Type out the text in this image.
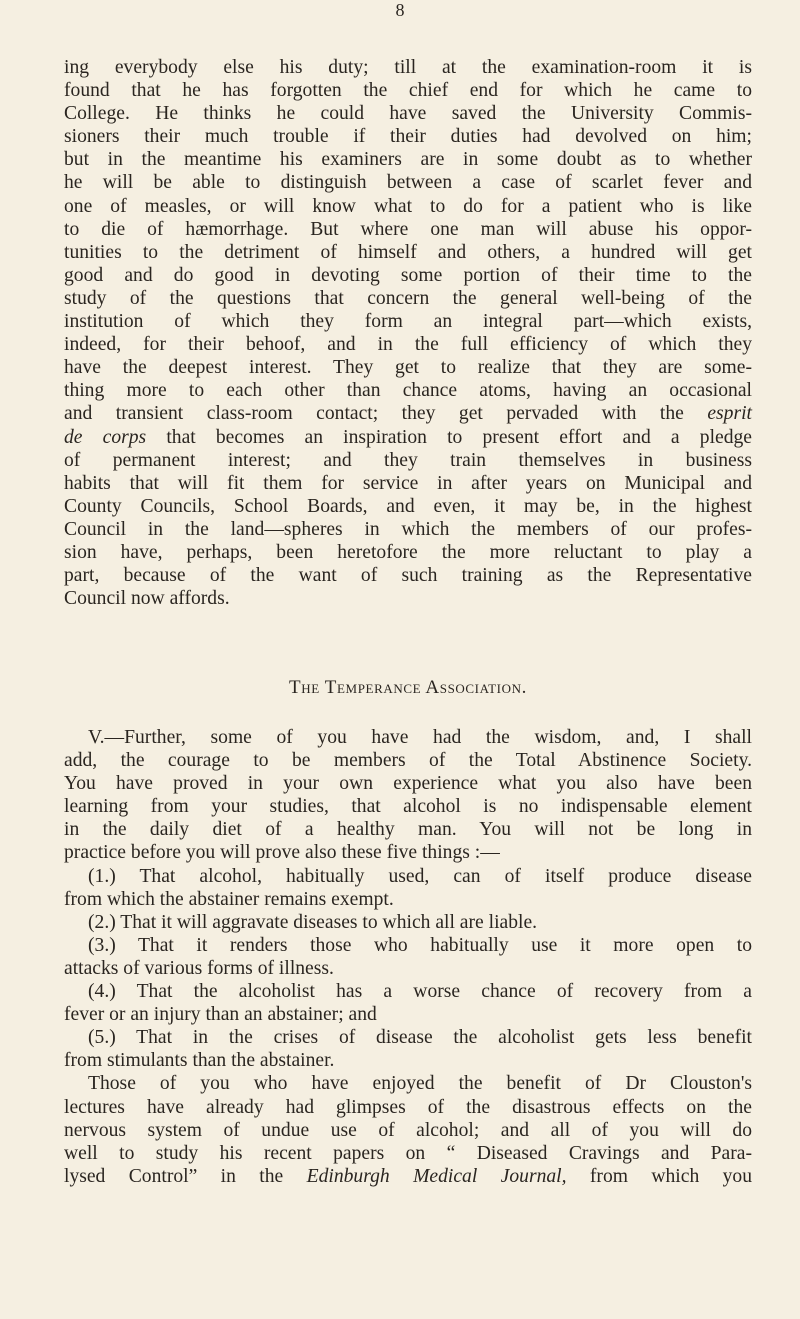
8
ing everybody else his duty; till at the examination-room it is
found that he has forgotten the chief end for which he came to
College. He thinks he could have saved the University Commis-
sioners their much trouble if their duties had devolved on him;
but in the meantime his examiners are in some doubt as to whether
he will be able to distinguish between a case of scarlet fever and
one of measles, or will know what to do for a patient who is like
to die of hæmorrhage. But where one man will abuse his oppor-
tunities to the detriment of himself and others, a hundred will get
good and do good in devoting some portion of their time to the
study of the questions that concern the general well-being of the
institution of which they form an integral part—which exists,
indeed, for their behoof, and in the full efficiency of which they
have the deepest interest. They get to realize that they are some-
thing more to each other than chance atoms, having an occasional
and transient class-room contact; they get pervaded with the esprit
de corps that becomes an inspiration to present effort and a pledge
of permanent interest; and they train themselves in business
habits that will fit them for service in after years on Municipal and
County Councils, School Boards, and even, it may be, in the highest
Council in the land—spheres in which the members of our profes-
sion have, perhaps, been heretofore the more reluctant to play a
part, because of the want of such training as the Representative
Council now affords.
The Temperance Association.
V.—Further, some of you have had the wisdom, and, I shall
add, the courage to be members of the Total Abstinence Society.
You have proved in your own experience what you also have been
learning from your studies, that alcohol is no indispensable element
in the daily diet of a healthy man. You will not be long in
practice before you will prove also these five things :—
(1.) That alcohol, habitually used, can of itself produce disease
from which the abstainer remains exempt.
(2.) That it will aggravate diseases to which all are liable.
(3.) That it renders those who habitually use it more open to
attacks of various forms of illness.
(4.) That the alcoholist has a worse chance of recovery from a
fever or an injury than an abstainer; and
(5.) That in the crises of disease the alcoholist gets less benefit
from stimulants than the abstainer.
Those of you who have enjoyed the benefit of Dr Clouston's
lectures have already had glimpses of the disastrous effects on the
nervous system of undue use of alcohol; and all of you will do
well to study his recent papers on “ Diseased Cravings and Para-
lysed Control” in the Edinburgh Medical Journal, from which you
